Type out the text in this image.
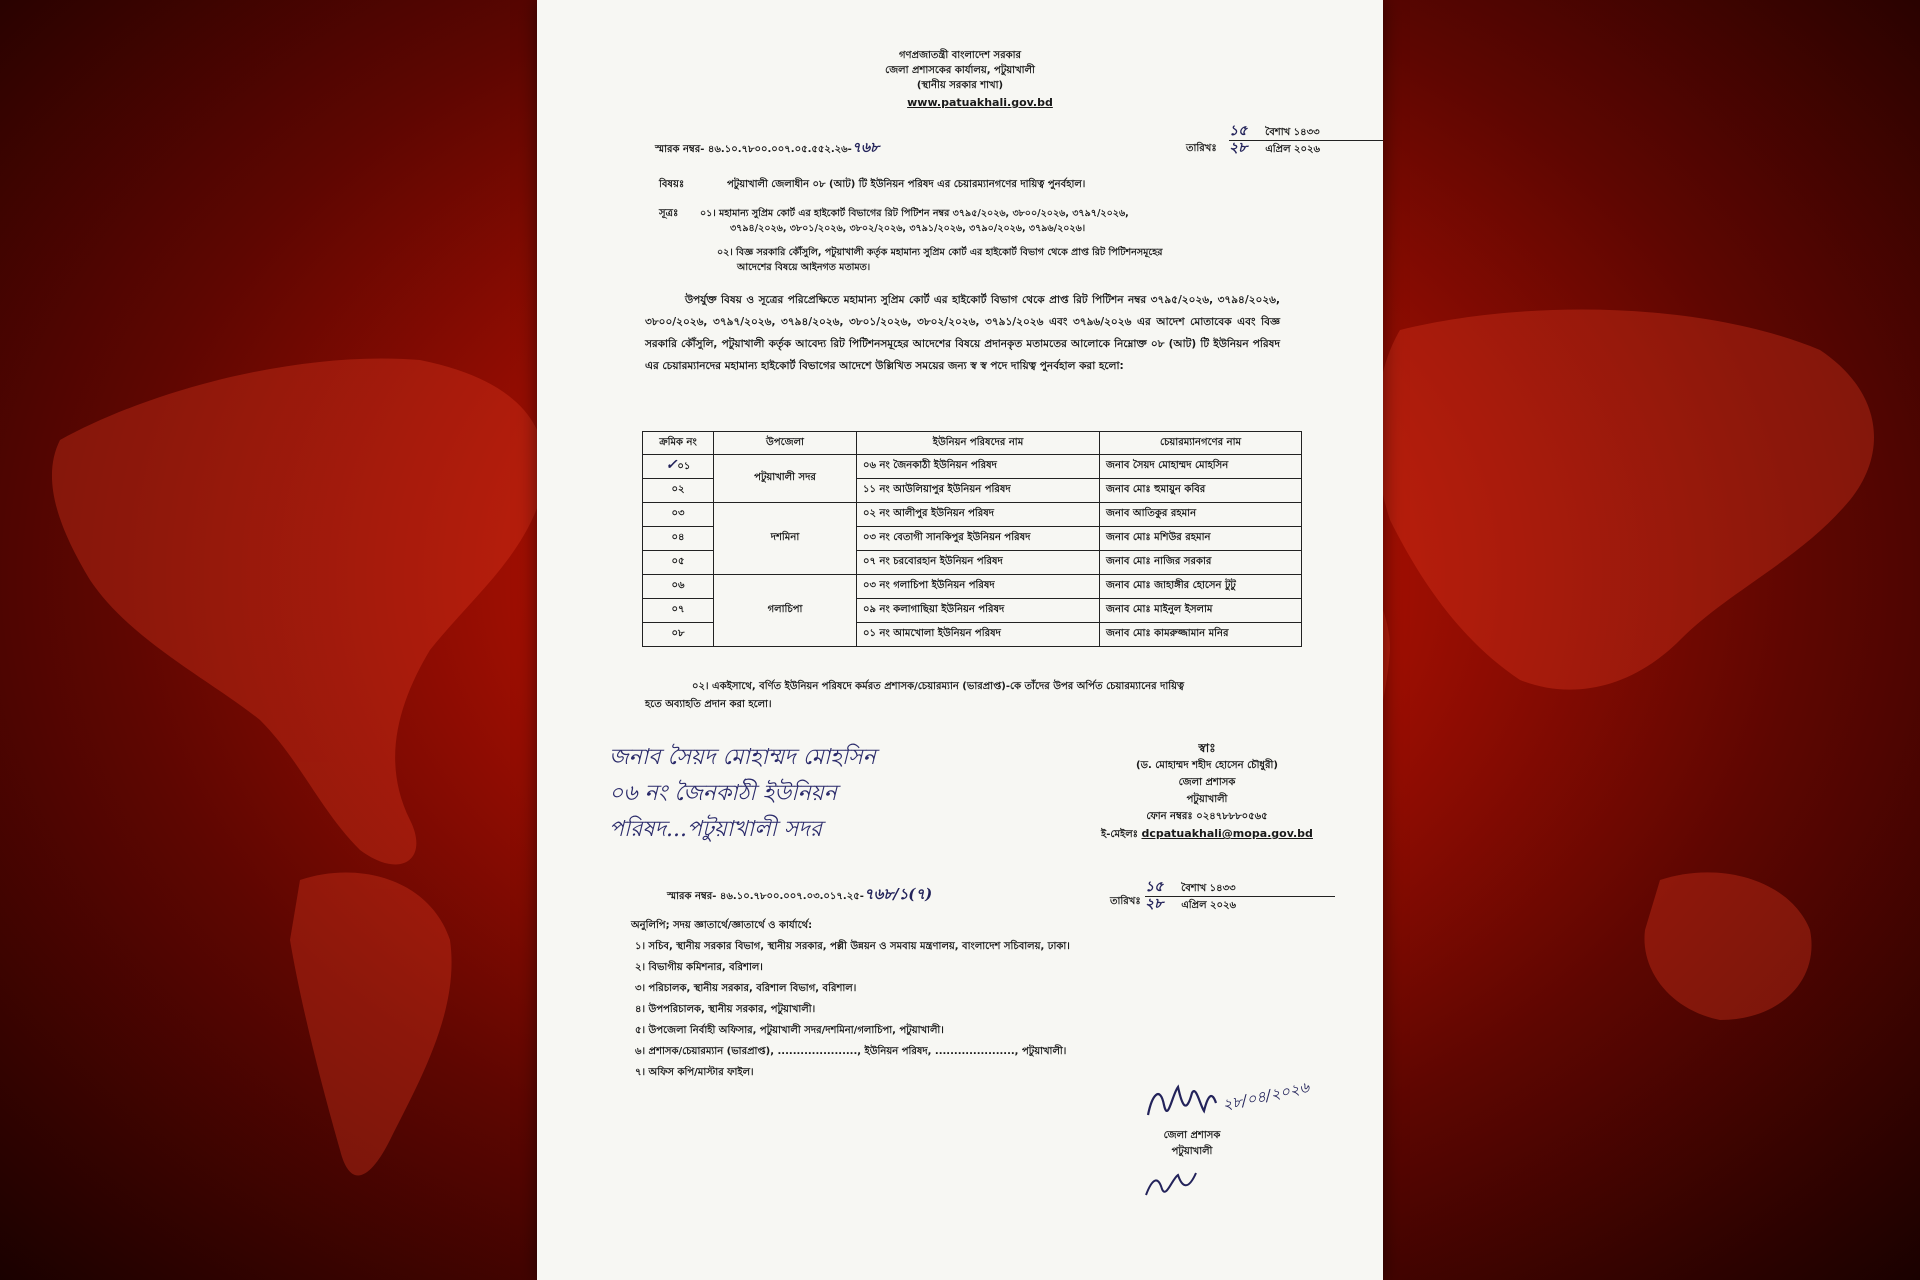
গণপ্রজাতন্ত্রী বাংলাদেশ সরকার
জেলা প্রশাসকের কার্যালয়, পটুয়াখালী
(স্থানীয় সরকার শাখা)
www.patuakhali.gov.bd
স্মারক নম্বর- ৪৬.১০.৭৮০০.০০৭.০৫.৫৫২.২৬-৭৬৮	তারিখঃ
১৫ বৈশাখ ১৪৩৩
২৮ এপ্রিল ২০২৬
বিষয়ঃ	পটুয়াখালী জেলাধীন ০৮ (আট) টি ইউনিয়ন পরিষদ এর চেয়ারম্যানগণের দায়িত্ব পুনর্বহাল।
সূত্রঃ ০১। মহামান্য সুপ্রিম কোর্ট এর হাইকোর্ট বিভাগের রিট পিটিশন নম্বর ৩৭৯৫/২০২৬, ৩৮০০/২০২৬, ৩৭৯৭/২০২৬,
৩৭৯৪/২০২৬, ৩৮০১/২০২৬, ৩৮০২/২০২৬, ৩৭৯১/২০২৬, ৩৭৯০/২০২৬, ৩৭৯৬/২০২৬।
০২। বিজ্ঞ সরকারি কৌঁসুলি, পটুয়াখালী কর্তৃক মহামান্য সুপ্রিম কোর্ট এর হাইকোর্ট বিভাগ থেকে প্রাপ্ত রিট পিটিশনসমূহের
আদেশের বিষয়ে আইনগত মতামত।
উপর্যুক্ত বিষয় ও সূত্রের পরিপ্রেক্ষিতে মহামান্য সুপ্রিম কোর্ট এর হাইকোর্ট বিভাগ থেকে প্রাপ্ত রিট পিটিশন নম্বর ৩৭৯৫/২০২৬, ৩৭৯৪/২০২৬, ৩৮০০/২০২৬, ৩৭৯৭/২০২৬, ৩৭৯৪/২০২৬, ৩৮০১/২০২৬, ৩৮০২/২০২৬, ৩৭৯১/২০২৬ এবং ৩৭৯৬/২০২৬ এর আদেশ মোতাবেক এবং বিজ্ঞ সরকারি কৌঁসুলি, পটুয়াখালী কর্তৃক আবেদ্য রিট পিটিশনসমূহের আদেশের বিষয়ে প্রদানকৃত মতামতের আলোকে নিম্নোক্ত ০৮ (আট) টি ইউনিয়ন পরিষদ এর চেয়ারম্যানদের মহামান্য হাইকোর্ট বিভাগের আদেশে উল্লিখিত সময়ের জন্য স্ব স্ব পদে দায়িত্ব পুনর্বহাল করা হলো:
ক্রমিক নং	উপজেলা	ইউনিয়ন পরিষদের নাম	চেয়ারম্যানগণের নাম
✓০১	পটুয়াখালী সদর	০৬ নং জৈনকাঠী ইউনিয়ন পরিষদ	জনাব সৈয়দ মোহাম্মদ মোহসিন
০২		১১ নং আউলিয়াপুর ইউনিয়ন পরিষদ	জনাব মোঃ হুমায়ুন কবির
০৩	দশমিনা	০২ নং আলীপুর ইউনিয়ন পরিষদ	জনাব আতিকুর রহমান
০৪		০৩ নং বেতাগী সানকিপুর ইউনিয়ন পরিষদ	জনাব মোঃ মশিউর রহমান
০৫		০৭ নং চরবোরহান ইউনিয়ন পরিষদ	জনাব মোঃ নাজির সরকার
০৬	গলাচিপা	০৩ নং গলাচিপা ইউনিয়ন পরিষদ	জনাব মোঃ জাহাঙ্গীর হোসেন টুটু
০৭		০৯ নং কলাগাছিয়া ইউনিয়ন পরিষদ	জনাব মোঃ মাইনুল ইসলাম
০৮		০১ নং আমখোলা ইউনিয়ন পরিষদ	জনাব মোঃ কামরুজ্জামান মনির
০২। একইসাথে, বর্ণিত ইউনিয়ন পরিষদে কর্মরত প্রশাসক/চেয়ারম্যান (ভারপ্রাপ্ত)-কে তাঁদের উপর অর্পিত চেয়ারম্যানের দায়িত্ব
হতে অব্যাহতি প্রদান করা হলো।
জনাব সৈয়দ মোহাম্মদ মোহসিন
০৬ নং জৈনকাঠী ইউনিয়ন
পরিষদ...পটুয়াখালী সদর
স্বাঃ
(ড. মোহাম্মদ শহীদ হোসেন চৌধুরী)
জেলা প্রশাসক
পটুয়াখালী
ফোন নম্বরঃ ০২৪৭৮৮৮০৫৬৫
ই-মেইলঃ dcpatuakhali@mopa.gov.bd
স্মারক নম্বর- ৪৬.১০.৭৮০০.০০৭.০৩.০১৭.২৫-৭৬৮/১(৭)	তারিখঃ
১৫ বৈশাখ ১৪৩৩
২৮ এপ্রিল ২০২৬
অনুলিপি; সদয় জ্ঞাতার্থে/জ্ঞাতার্থে ও কার্যার্থে:
১। সচিব, স্থানীয় সরকার বিভাগ, স্থানীয় সরকার, পল্লী উন্নয়ন ও সমবায় মন্ত্রণালয়, বাংলাদেশ সচিবালয়, ঢাকা।
২। বিভাগীয় কমিশনার, বরিশাল।
৩। পরিচালক, স্থানীয় সরকার, বরিশাল বিভাগ, বরিশাল।
৪। উপপরিচালক, স্থানীয় সরকার, পটুয়াখালী।
৫। উপজেলা নির্বাহী অফিসার, পটুয়াখালী সদর/দশমিনা/গলাচিপা, পটুয়াখালী।
৬। প্রশাসক/চেয়ারম্যান (ভারপ্রাপ্ত), ....................., ইউনিয়ন পরিষদ, ....................., পটুয়াখালী।
৭। অফিস কপি/মাস্টার ফাইল।
২৮/০৪/২০২৬
জেলা প্রশাসক
পটুয়াখালী
